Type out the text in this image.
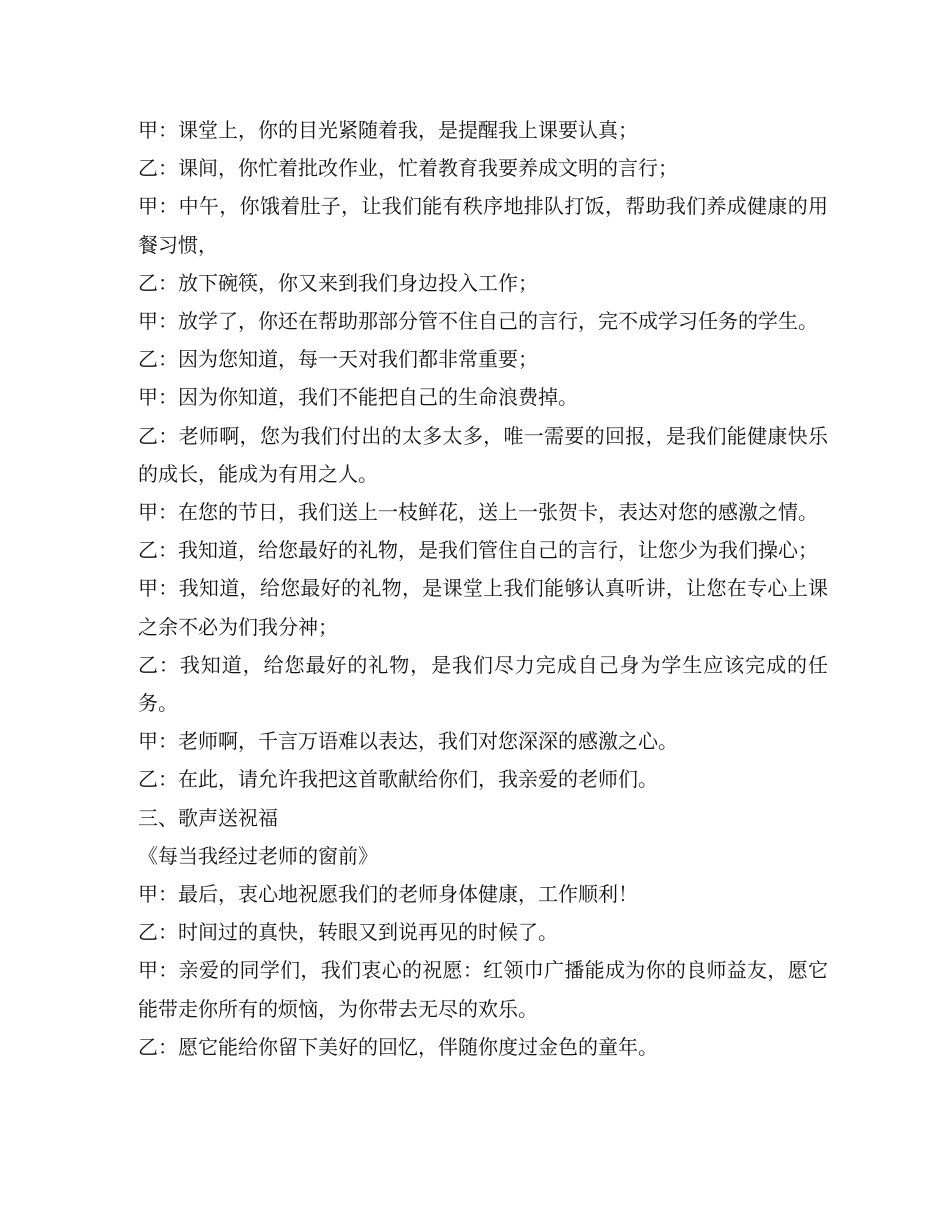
甲：课堂上，你的目光紧随着我，是提醒我上课要认真；

乙：课间，你忙着批改作业，忙着教育我要养成文明的言行；

甲：中午，你饿着肚子，让我们能有秩序地排队打饭，帮助我们养成健康的用餐习惯，

乙：放下碗筷，你又来到我们身边投入工作；

甲：放学了，你还在帮助那部分管不住自己的言行，完不成学习任务的学生。

乙：因为您知道，每一天对我们都非常重要；

甲：因为你知道，我们不能把自己的生命浪费掉。

乙：老师啊，您为我们付出的太多太多，唯一需要的回报，是我们能健康快乐的成长，能成为有用之人。

甲：在您的节日，我们送上一枝鲜花，送上一张贺卡，表达对您的感激之情。

乙：我知道，给您最好的礼物，是我们管住自己的言行，让您少为我们操心；

甲：我知道，给您最好的礼物，是课堂上我们能够认真听讲，让您在专心上课之余不必为们我分神；

乙：我知道，给您最好的礼物，是我们尽力完成自己身为学生应该完成的任务。

甲：老师啊，千言万语难以表达，我们对您深深的感激之心。

乙：在此，请允许我把这首歌献给你们，我亲爱的老师们。

三、歌声送祝福

《每当我经过老师的窗前》

甲：最后，衷心地祝愿我们的老师身体健康，工作顺利！

乙：时间过的真快，转眼又到说再见的时候了。

甲：亲爱的同学们，我们衷心的祝愿：红领巾广播能成为你的良师益友，愿它能带走你所有的烦恼，为你带去无尽的欢乐。

乙：愿它能给你留下美好的回忆，伴随你度过金色的童年。
